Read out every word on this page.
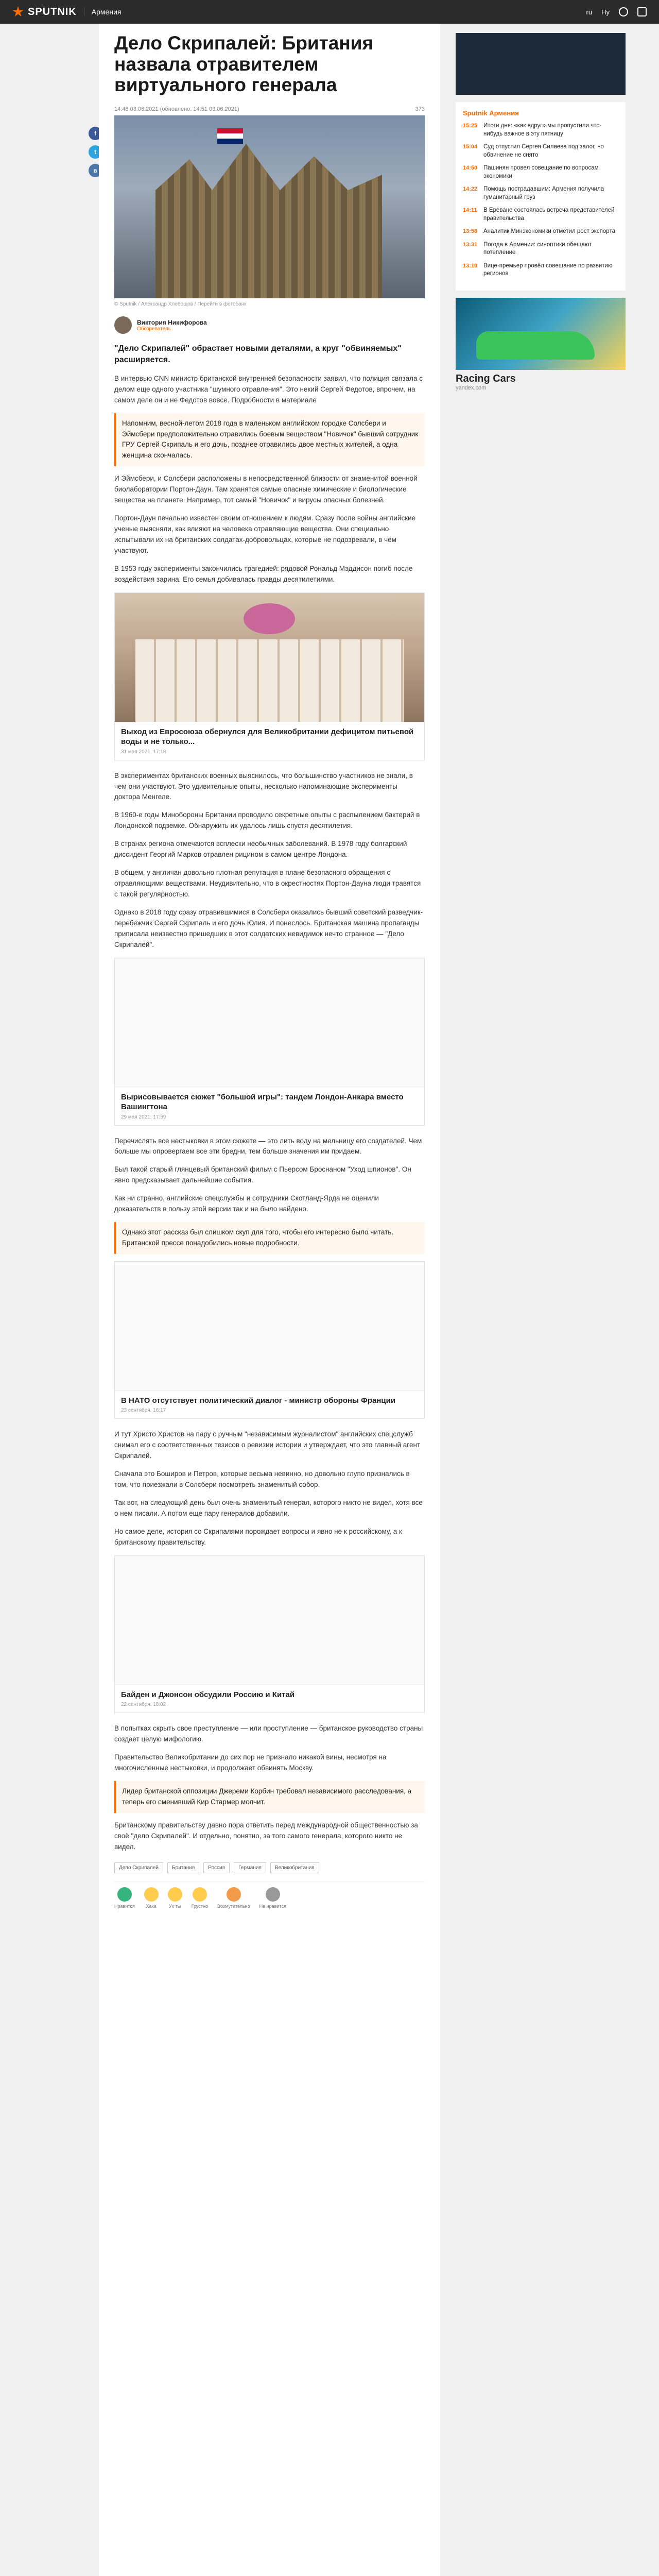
SPUTNIK	Армения	ru Hy
f
t
в
Дело Скрипалей: Британия назвала отравителем виртуального генерала
14:48 03.06.2021 (обновлено: 14:51 03.06.2021)	373
© Sputnik / Александр Хлобощов / Перейти в фотобанк
Виктория Никифорова
Обозреватель
"Дело Скрипалей" обрастает новыми деталями, а круг "обвиняемых" расширяется.

В интервью CNN министр британской внутренней безопасности заявил, что полиция связала с делом еще одного участника "шумного отравления". Это некий Сергей Федотов, впрочем, на самом деле он и не Федотов вовсе. Подробности в материале

Напомним, весной-летом 2018 года в маленьком английском городке Солсбери и Эймсбери предположительно отравились боевым веществом "Новичок" бывший сотрудник ГРУ Сергей Скрипаль и его дочь, позднее отравились двое местных жителей, а одна женщина скончалась.

И Эймсбери, и Солсбери расположены в непосредственной близости от знаменитой военной биолаборатории Портон-Даун. Там хранятся самые опасные химические и биологические вещества на планете. Например, тот самый "Новичок" и вирусы опасных болезней.

Портон-Даун печально известен своим отношением к людям. Сразу после войны английские ученые выясняли, как влияют на человека отравляющие вещества. Они специально испытывали их на британских солдатах-добровольцах, которые не подозревали, в чем участвуют.

В 1953 году эксперименты закончились трагедией: рядовой Рональд Мэддисон погиб после воздействия зарина. Его семья добивалась правды десятилетиями.

Выход из Евросоюза обернулся для Великобритании дефицитом питьевой воды и не только...
31 мая 2021, 17:18

В экспериментах британских военных выяснилось, что большинство участников не знали, в чем они участвуют. Это удивительные опыты, несколько напоминающие эксперименты доктора Менгеле.

В 1960-е годы Минобороны Британии проводило секретные опыты с распылением бактерий в Лондонской подземке. Обнаружить их удалось лишь спустя десятилетия.

В странах региона отмечаются всплески необычных заболеваний. В 1978 году болгарский диссидент Георгий Марков отравлен рицином в самом центре Лондона.

В общем, у англичан довольно плотная репутация в плане безопасного обращения с отравляющими веществами. Неудивительно, что в окрестностях Портон-Дауна люди травятся с такой регулярностью.

Однако в 2018 году сразу отравившимися в Солсбери оказались бывший советский разведчик-перебежчик Сергей Скрипаль и его дочь Юлия. И понеслось. Британская машина пропаганды приписала неизвестно пришедших в этот солдатских невидимок нечто странное — "Дело Скрипалей".

Вырисовывается сюжет "большой игры": тандем Лондон-Анкара вместо Вашингтона
29 мая 2021, 17:59

Перечислять все нестыковки в этом сюжете — это лить воду на мельницу его создателей. Чем больше мы опровергаем все эти бредни, тем больше значения им придаем.

Был такой старый глянцевый британский фильм с Пьерсом Броснаном "Уход шпионов". Он явно предсказывает дальнейшие события.

Как ни странно, английские спецслужбы и сотрудники Скотланд-Ярда не оценили доказательств в пользу этой версии так и не было найдено.

Однако этот рассказ был слишком скуп для того, чтобы его интересно было читать. Британской прессе понадобились новые подробности.
В НАТО отсутствует политический диалог - министр обороны Франции
23 сентября, 16:17

И тут Христо Христов на пару с ручным "независимым журналистом" английских спецслужб снимал его с соответственных тезисов о ревизии истории и утверждает, что это главный агент Скрипалей.

Сначала это Боширов и Петров, которые весьма невинно, но довольно глупо признались в том, что приезжали в Солсбери посмотреть знаменитый собор.

Так вот, на следующий день был очень знаменитый генерал, которого никто не видел, хотя все о нем писали. А потом еще пару генералов добавили.

Но самое деле, история со Скрипалями порождает вопросы и явно не к российскому, а к британскому правительству.

Байден и Джонсон обсудили Россию и Китай
22 сентября, 18:02

В попытках скрыть свое преступление — или проступление — британское руководство страны создает целую мифологию.

Правительство Великобритании до сих пор не признало никакой вины, несмотря на многочисленные нестыковки, и продолжает обвинять Москву.

Лидер британской оппозиции Джереми Корбин требовал независимого расследования, а теперь его сменивший Кир Стармер молчит.

Британскому правительству давно пора ответить перед международной общественностью за своё "дело Скрипалей". И отдельно, понятно, за того самого генерала, которого никто не видел.

Дело Скрипалей	Британия	Россия	Германия	Великобритания
Нравится Хаха	Ух ты Грустно Возмутительно Не нравится
Sputnik Армения
15:25	Итоги дня: «как вдруг» мы пропустили что-нибудь важное в эту пятницу
15:04	Суд отпустил Сергея Силаева под залог, но обвинение не снято
14:50	Пашинян провел совещание по вопросам экономики
14:22	Помощь пострадавшим: Армения получила гуманитарный груз
14:11	В Ереване состоялась встреча представителей правительства
13:58	Аналитик Минэкономики отметил рост экспорта
13:31	Погода в Армении: синоптики обещают потепление
13:10	Вице-премьер провёл совещание по развитию регионов
Racing Cars
yandex.com
